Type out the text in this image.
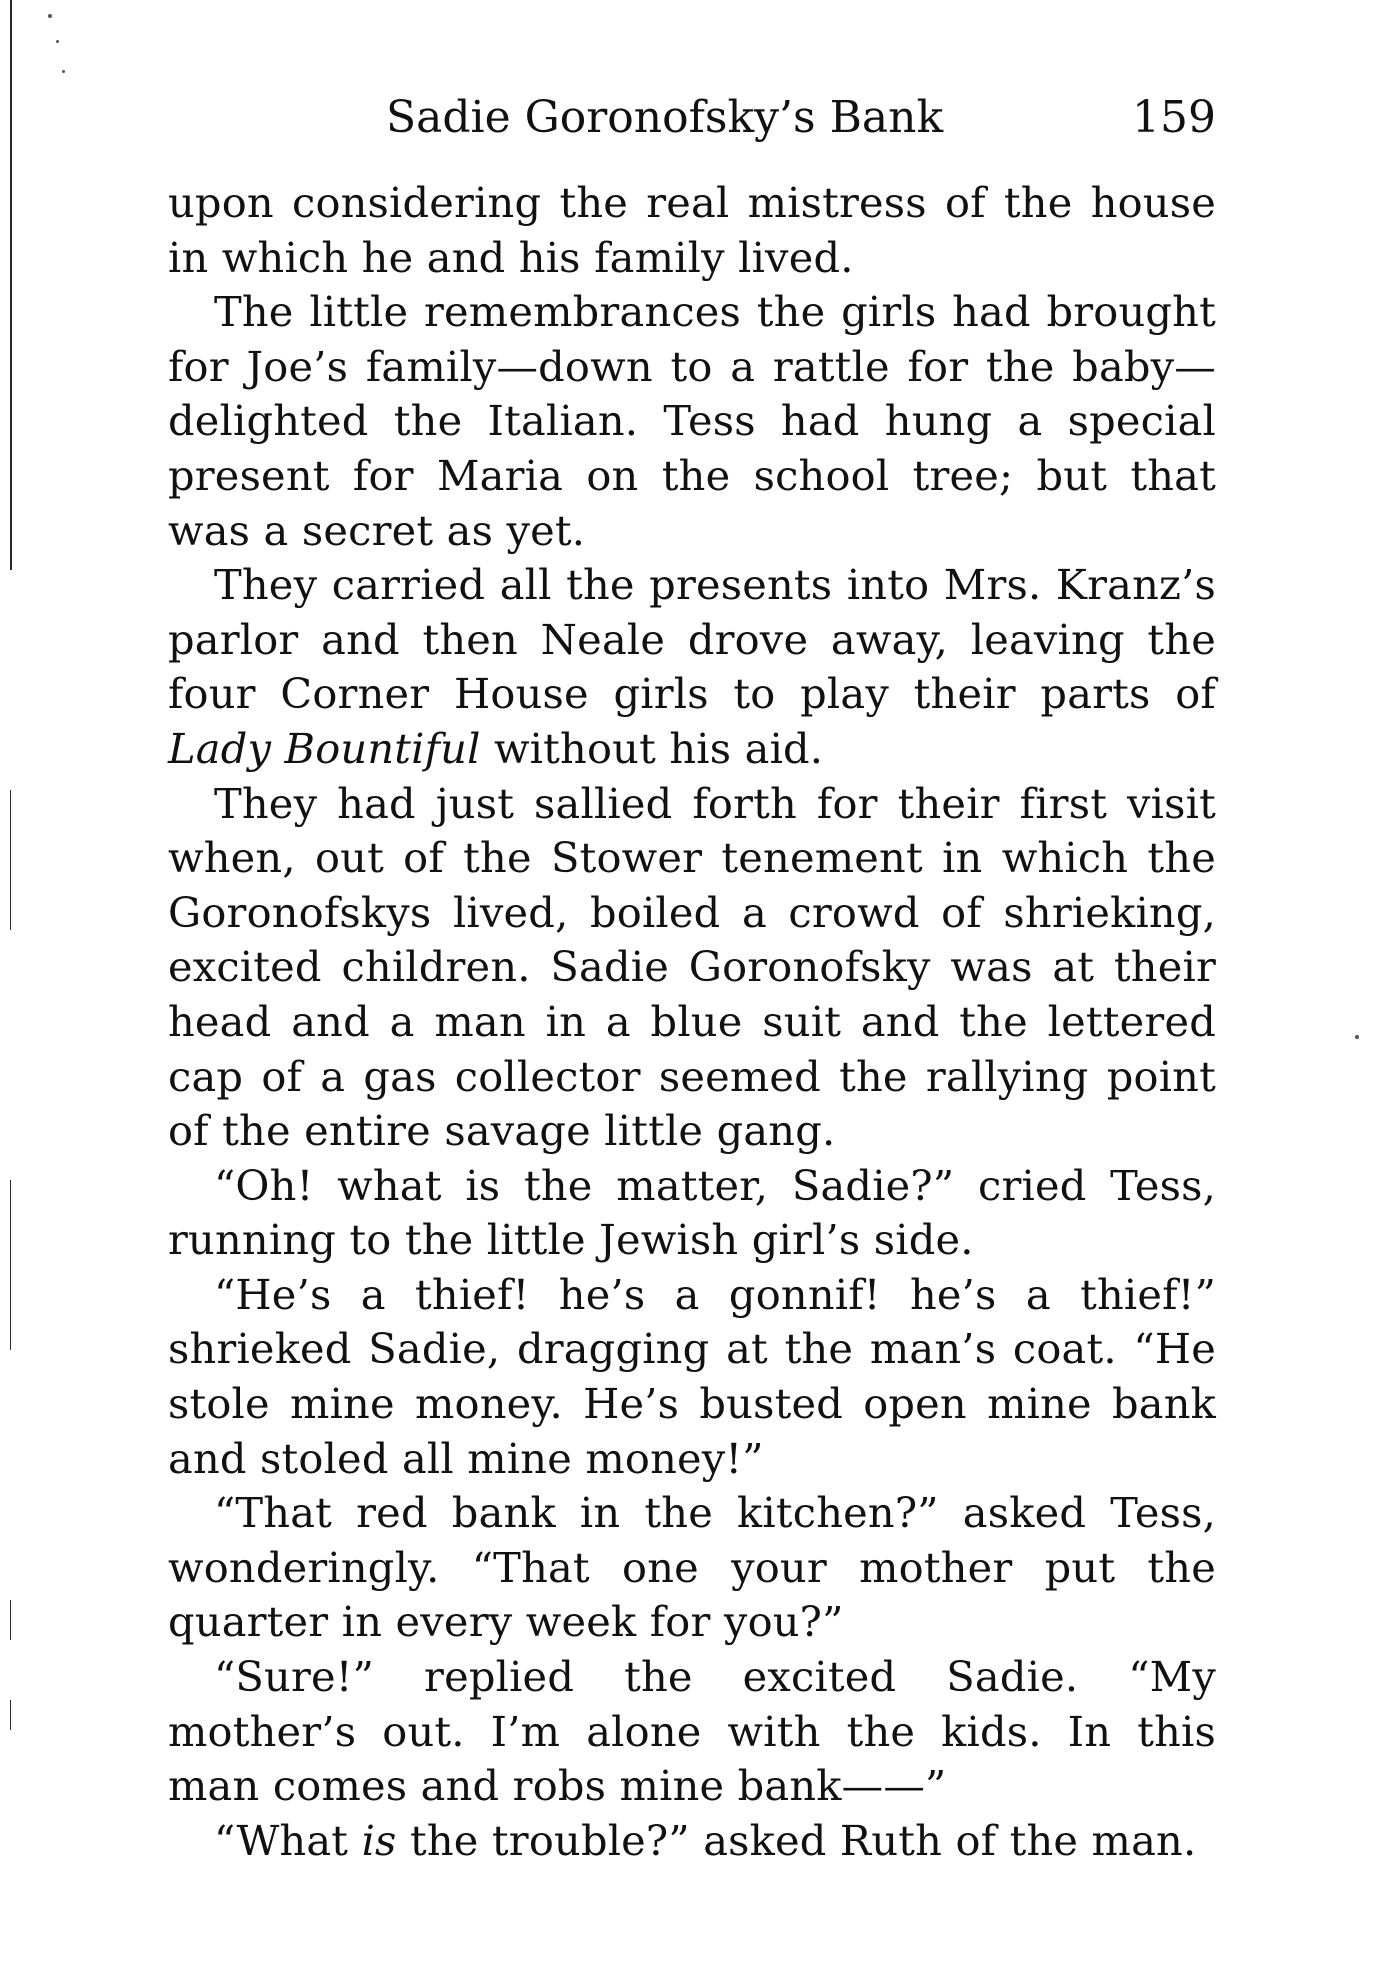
Sadie Goronofsky’s Bank	159

upon considering the real mistress of the house in which he and his family lived.

The little remembrances the girls had brought for Joe’s family—down to a rattle for the baby—delighted the Italian. Tess had hung a special present for Maria on the school tree; but that was a secret as yet.

They carried all the presents into Mrs. Kranz’s parlor and then Neale drove away, leaving the four Corner House girls to play their parts of Lady Bountiful without his aid.

They had just sallied forth for their first visit when, out of the Stower tenement in which the Goronofskys lived, boiled a crowd of shrieking, excited children. Sadie Goronofsky was at their head and a man in a blue suit and the lettered cap of a gas collector seemed the rallying point of the entire savage little gang.

“Oh! what is the matter, Sadie?” cried Tess, running to the little Jewish girl’s side.

“He’s a thief! he’s a gonnif! he’s a thief!” shrieked Sadie, dragging at the man’s coat. “He stole mine money. He’s busted open mine bank and stoled all mine money!”

“That red bank in the kitchen?” asked Tess, wonderingly. “That one your mother put the quarter in every week for you?”

“Sure!” replied the excited Sadie. “My mother’s out. I’m alone with the kids. In this man comes and robs mine bank——”

“What is the trouble?” asked Ruth of the man.
